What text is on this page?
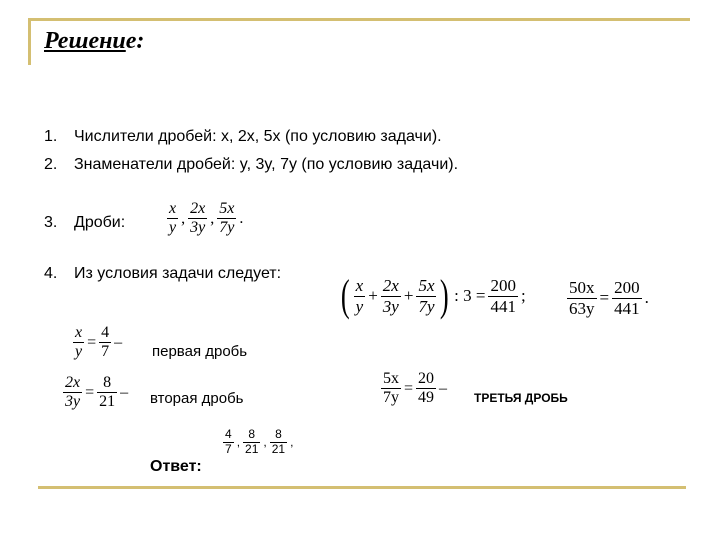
Решение:
1. Числители дробей: x, 2x, 5x (по условию задачи).
2. Знаменатели дробей: y, 3y, 7y (по условию задачи).
3. Дроби:	$\frac{x}{y}$ , $\frac{2x}{3y}$ , $\frac{5x}{7y}$ .
4. Из условия задачи следует: ( $\frac{x}{y} + \frac{2x}{3y} + \frac{5x}{7y}$ ) : $3 = \frac{200}{441}$ ; $\frac{50x}{63y} = \frac{200}{441}$ .
$\frac{x}{y} = \frac{4}{7}$ –
первая дробь
$\frac{2x}{3y} = \frac{8}{21}$ – вторая дробь	$\frac{5x}{7y} = \frac{20}{49}$ –
ТРЕТЬЯ ДРОБЬ
Ответ:
$\frac{4}{7}$ , $\frac{8}{21}$ , $\frac{8}{21}$ ,
